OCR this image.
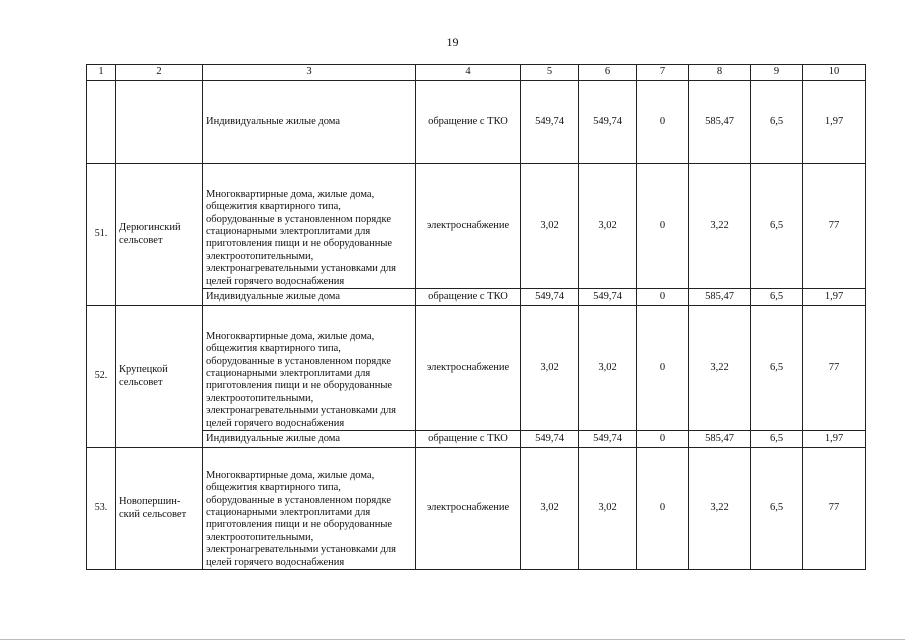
19
1	2	3	4	5	6	7	8	9	10
		Индивидуальные жилые дома	обращение с ТКО	549,74	549,74	0	585,47	6,5	1,97
51.	Дерюгинский сельсовет	Многоквартирные дома, жилые дома, общежития квартирного типа, оборудованные в установленном порядке стационарными электроплитами для приготовления пищи и не оборудованные электроотопительными, электронагревательными установками для целей горячего водоснабжения	электроснабжение	3,02	3,02	0	3,22	6,5	77
		Индивидуальные жилые дома	обращение с ТКО	549,74	549,74	0	585,47	6,5	1,97
52.	Крупецкой сельсовет	Многоквартирные дома, жилые дома, общежития квартирного типа, оборудованные в установленном порядке стационарными электроплитами для приготовления пищи и не оборудованные электроотопительными, электронагревательными установками для целей горячего водоснабжения	электроснабжение	3,02	3,02	0	3,22	6,5	77
		Индивидуальные жилые дома	обращение с ТКО	549,74	549,74	0	585,47	6,5	1,97
53.	Новопершин-ский сельсовет	Многоквартирные дома, жилые дома, общежития квартирного типа, оборудованные в установленном порядке стационарными электроплитами для приготовления пищи и не оборудованные электроотопительными, электронагревательными установками для целей горячего водоснабжения	электроснабжение	3,02	3,02	0	3,22	6,5	77
